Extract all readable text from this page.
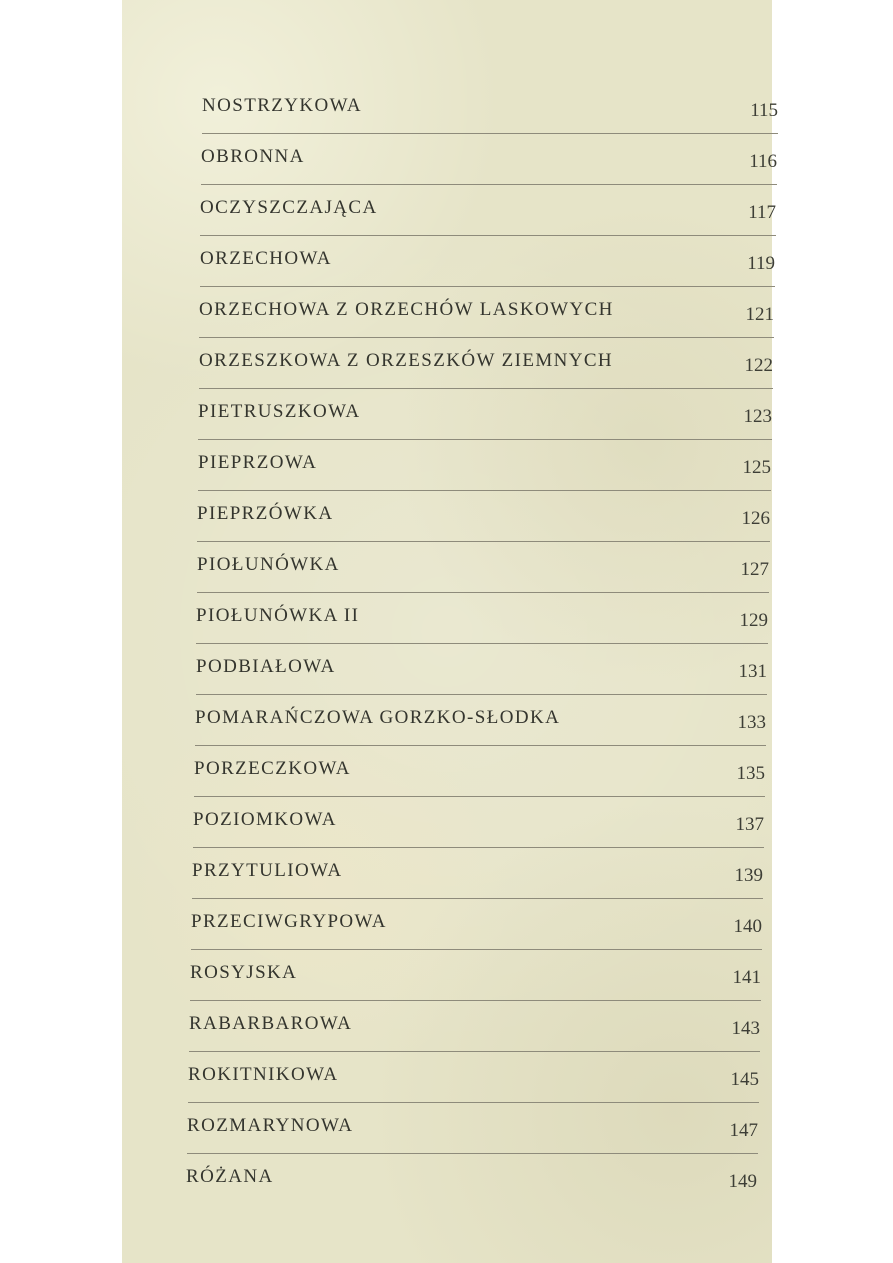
NOSTRZYKOWA	115
OBRONNA	116
OCZYSZCZAJĄCA	117
ORZECHOWA	119
ORZECHOWA Z ORZECHÓW LASKOWYCH	121
ORZESZKOWA Z ORZESZKÓW ZIEMNYCH	122
PIETRUSZKOWA	123
PIEPRZOWA	125
PIEPRZÓWKA	126
PIOŁUNÓWKA	127
PIOŁUNÓWKA II	129
PODBIAŁOWA	131
POMARAŃCZOWA GORZKO-SŁODKA	133
PORZECZKOWA	135
POZIOMKOWA	137
PRZYTULIOWA	139
PRZECIWGRYPOWA	140
ROSYJSKA	141
RABARBAROWA	143
ROKITNIKOWA	145
ROZMARYNOWA	147
RÓŻANA	149
